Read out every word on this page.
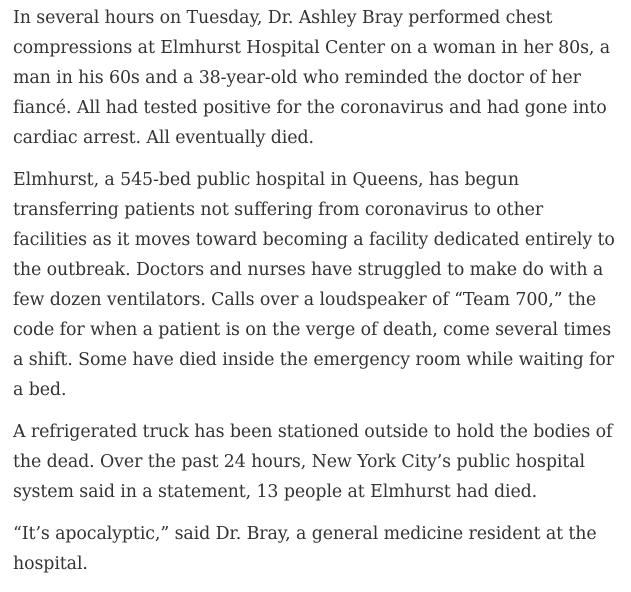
In several hours on Tuesday, Dr. Ashley Bray performed chest compressions at Elmhurst Hospital Center on a woman in her 80s, a man in his 60s and a 38-year-old who reminded the doctor of her fiancé. All had tested positive for the coronavirus and had gone into cardiac arrest. All eventually died.

Elmhurst, a 545-bed public hospital in Queens, has begun transferring patients not suffering from coronavirus to other facilities as it moves toward becoming a facility dedicated entirely to the outbreak. Doctors and nurses have struggled to make do with a few dozen ventilators. Calls over a loudspeaker of “Team 700,” the code for when a patient is on the verge of death, come several times a shift. Some have died inside the emergency room while waiting for a bed.

A refrigerated truck has been stationed outside to hold the bodies of the dead. Over the past 24 hours, New York City’s public hospital system said in a statement, 13 people at Elmhurst had died.

“It’s apocalyptic,” said Dr. Bray, a general medicine resident at the hospital.
